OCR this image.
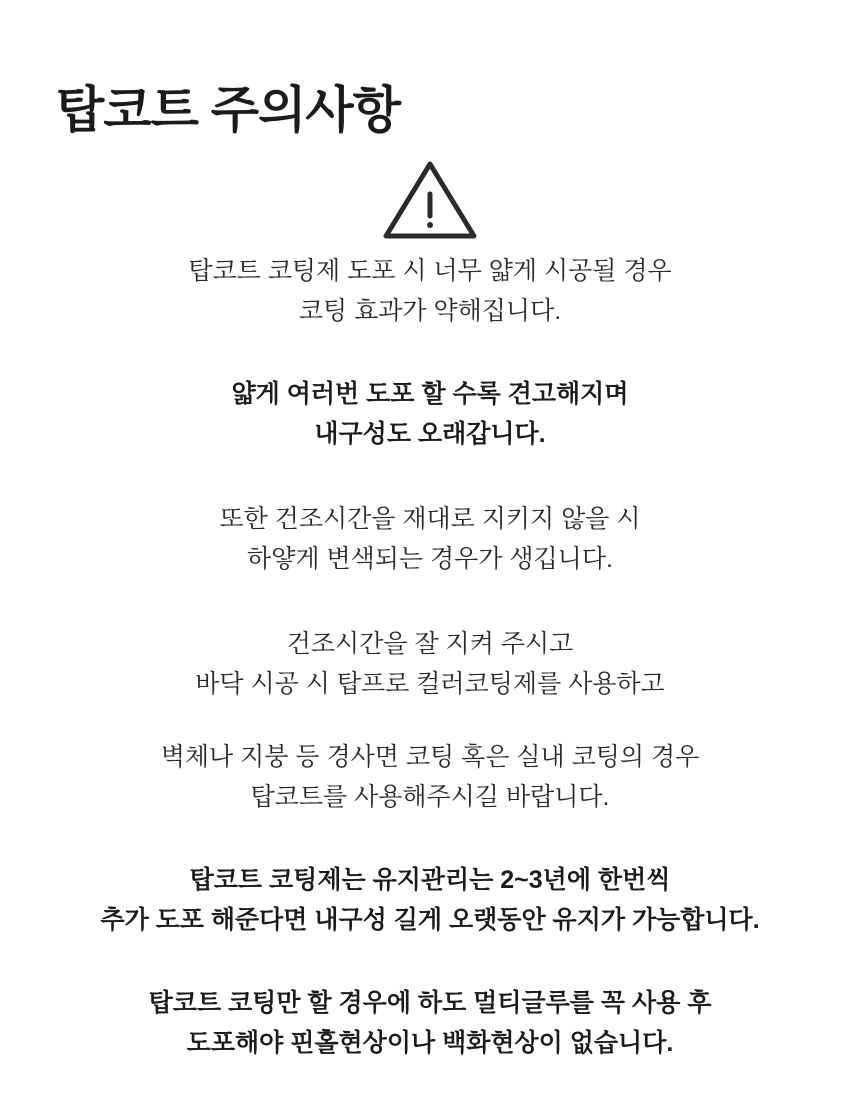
탑코트 주의사항
탑코트 코팅제 도포 시 너무 얇게 시공될 경우
코팅 효과가 약해집니다.
얇게 여러번 도포 할 수록 견고해지며
내구성도 오래갑니다.
또한 건조시간을 재대로 지키지 않을 시
하얗게 변색되는 경우가 생깁니다.
건조시간을 잘 지켜 주시고
바닥 시공 시 탑프로 컬러코팅제를 사용하고
벽체나 지붕 등 경사면 코팅 혹은 실내 코팅의 경우
탑코트를 사용해주시길 바랍니다.
탑코트 코팅제는 유지관리는 2~3년에 한번씩
추가 도포 해준다면 내구성 길게 오랫동안 유지가 가능합니다.
탑코트 코팅만 할 경우에 하도 멀티글루를 꼭 사용 후
도포해야 핀홀현상이나 백화현상이 없습니다.
